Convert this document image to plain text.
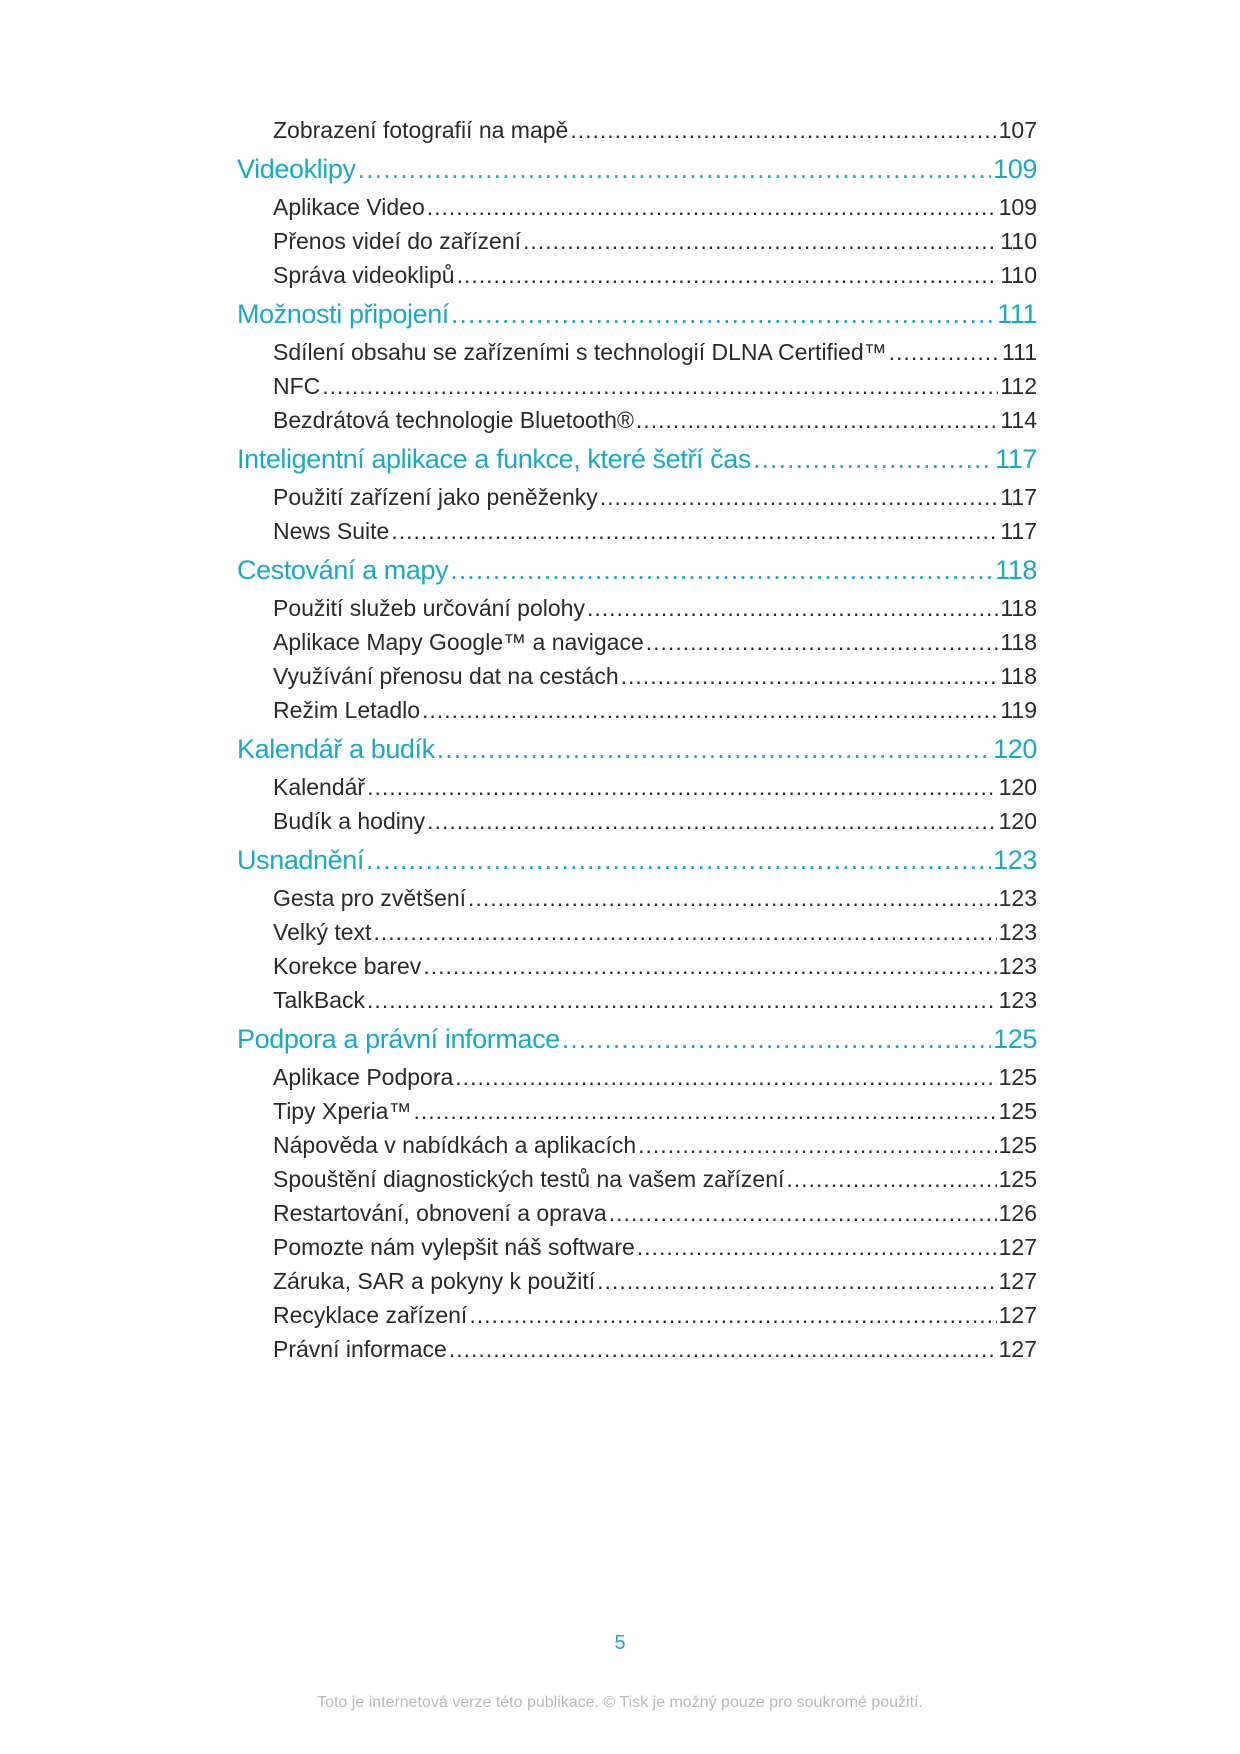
Zobrazení fotografií na mapě .....	107
Videoklipy .....	109
Aplikace Video .....	109
Přenos videí do zařízení .....	110
Správa videoklipů .....	110
Možnosti připojení .....	111
Sdílení obsahu se zařízeními s technologií DLNA Certified™ .....	111
NFC .....	112
Bezdrátová technologie Bluetooth® .....	114
Inteligentní aplikace a funkce, které šetří čas .....	117
Použití zařízení jako peněženky .....	117
News Suite .....	117
Cestování a mapy .....	118
Použití služeb určování polohy .....	118
Aplikace Mapy Google™ a navigace .....	118
Využívání přenosu dat na cestách .....	118
Režim Letadlo .....	119
Kalendář a budík .....	120
Kalendář .....	120
Budík a hodiny .....	120
Usnadnění .....	123
Gesta pro zvětšení .....	123
Velký text .....	123
Korekce barev .....	123
TalkBack .....	123
Podpora a právní informace .....	125
Aplikace Podpora .....	125
Tipy Xperia™ .....	125
Nápověda v nabídkách a aplikacích .....	125
Spouštění diagnostických testů na vašem zařízení .....	125
Restartování, obnovení a oprava .....	126
Pomozte nám vylepšit náš software .....	127
Záruka, SAR a pokyny k použití .....	127
Recyklace zařízení .....	127
Právní informace .....	127
5
Toto je internetová verze této publikace. © Tisk je možný pouze pro soukromé použití.
